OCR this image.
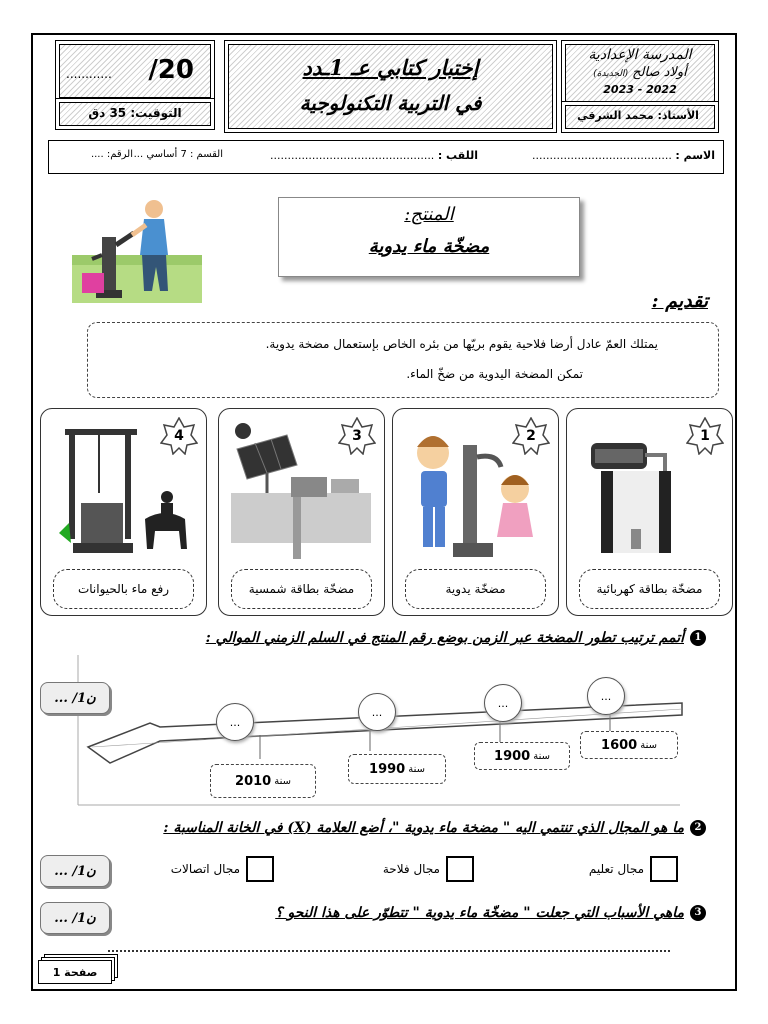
المدرسة الإعدادية
أولاد صالح (الجديدة)
2023 - 2022
الأستاذ: محمد الشرقي
إختبار كتابي عـ 1ـدد
في التربية التكنولوجية
............ /20
التوقيت: 35 دق
الاسم : ........................................
اللقب : ...............................................
القسم : 7 أساسي ...
الرقم: ....
المنتج:
مضخّة ماء يدوية
تقديم :
يمتلك العمّ عادل أرضا فلاحية يقوم بريّها من بئره الخاص بإستعمال مضخة يدوية.
تمكن المضخة اليدوية من ضخّ الماء.
1
مضخّة بطاقة كهربائية
2
مضخّة يدوية
3
مضخّة بطاقة شمسية
4
رفع ماء بالحيوانات
1أتمم ترتيب تطور المضخة عبر الزمن بوضع رقم المنتج في السلم الزمني الموالي :
...
...
...
...
سنة
1600
سنة
1900
سنة
1990
سنة
2010
... /1ن
2ما هو المجال الذي تنتمي اليه " مضخة ماء يدوية "، أضع العلامة (X) في الخانة المناسبة :
... /1ن	مجال تعليم
مجال فلاحة
مجال اتصالات
3ماهي الأسباب التي جعلت " مضخّة ماء يدوية " تتطوّر على هذا النحو ؟
... /1ن
صفحة 1
